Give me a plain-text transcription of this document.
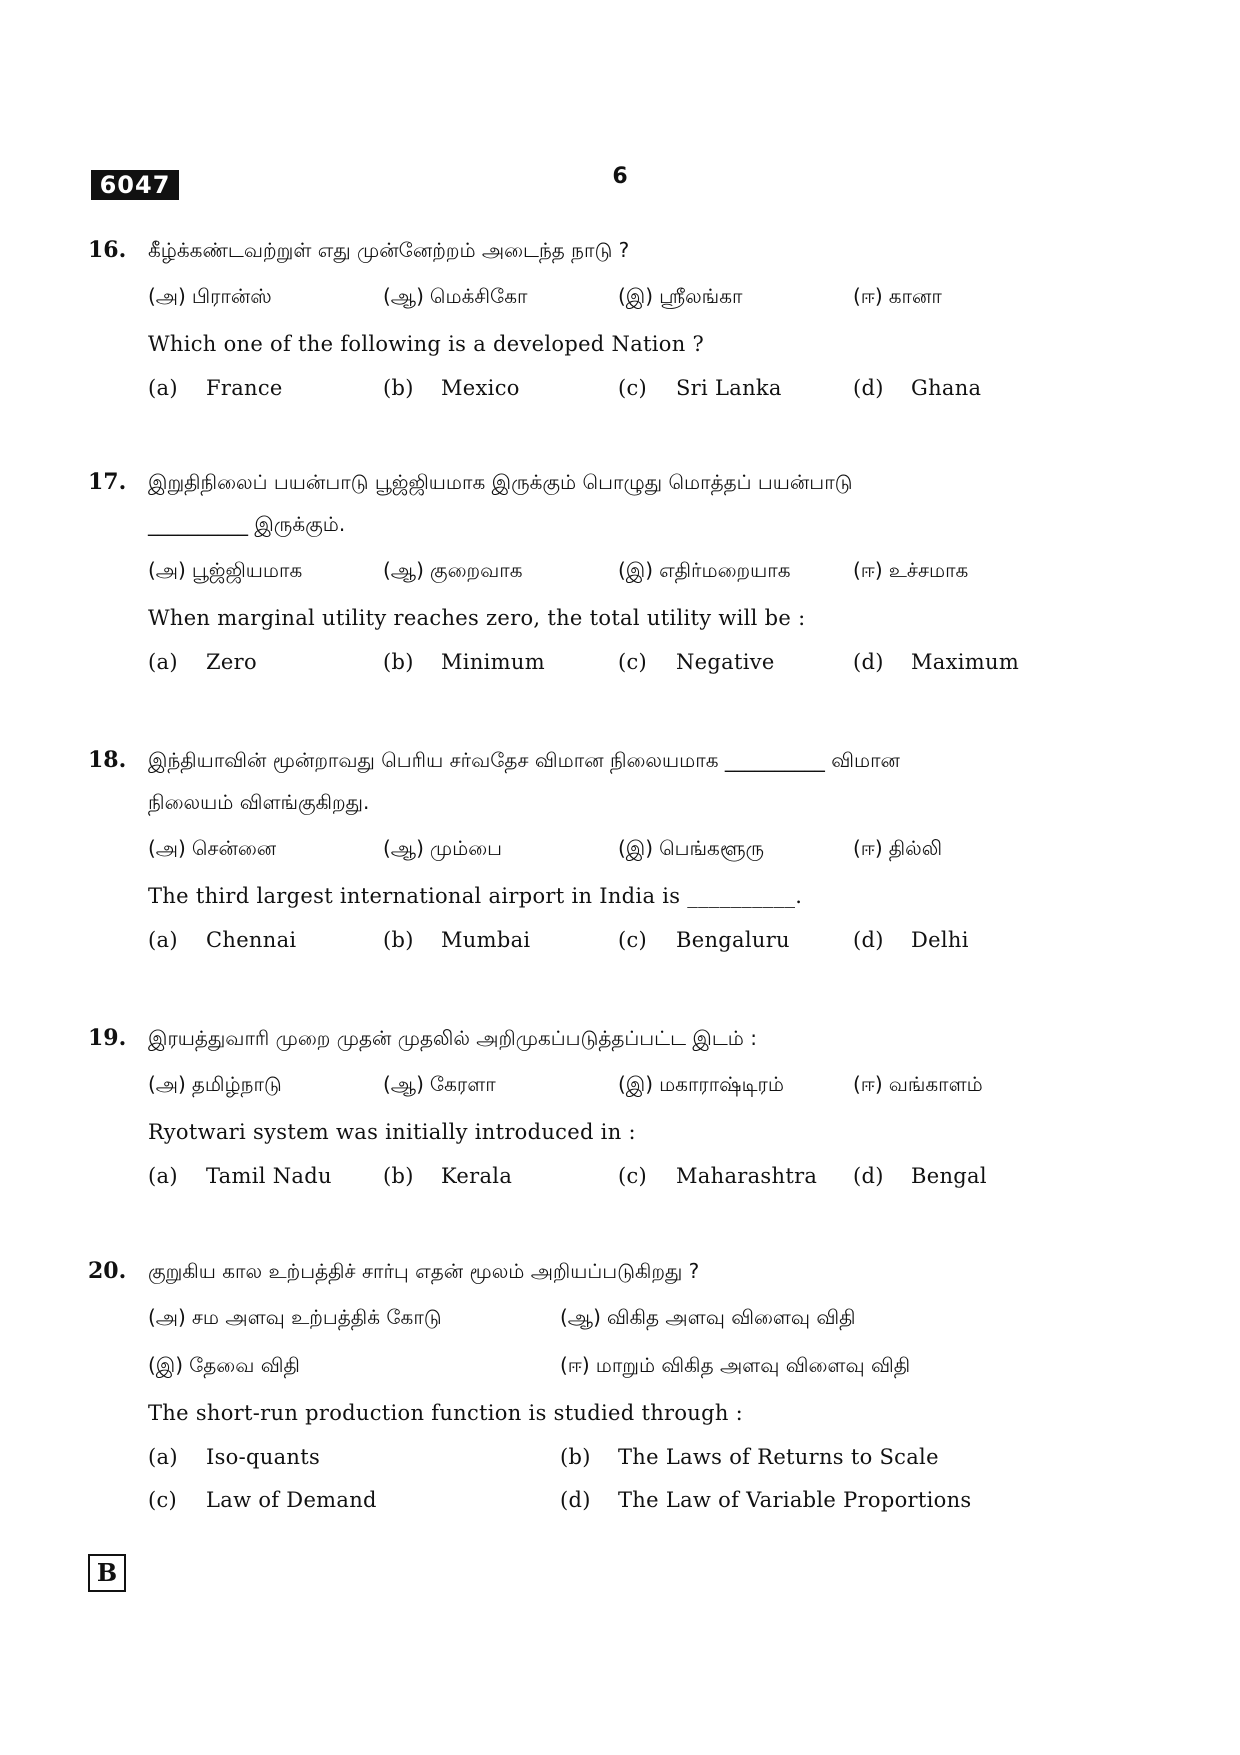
6047	6
16. கீழ்க்கண்டவற்றுள் எது முன்னேற்றம் அடைந்த நாடு ?
(அ) பிரான்ஸ்	(ஆ) மெக்சிகோ	(இ) ஸ்ரீலங்கா	(ஈ) கானா
Which one of the following is a developed Nation ?
(a) France	(b) Mexico	(c) Sri Lanka	(d) Ghana
17. இறுதிநிலைப் பயன்பாடு பூஜ்ஜியமாக இருக்கும் பொழுது மொத்தப் பயன்பாடு
__________ இருக்கும்.
(அ) பூஜ்ஜியமாக	(ஆ) குறைவாக	(இ) எதிர்மறையாக	(ஈ) உச்சமாக
When marginal utility reaches zero, the total utility will be :
(a) Zero	(b) Minimum	(c) Negative	(d) Maximum
18. இந்தியாவின் மூன்றாவது பெரிய சர்வதேச விமான நிலையமாக __________ விமான
நிலையம் விளங்குகிறது.
(அ) சென்னை	(ஆ) மும்பை	(இ) பெங்களூரு	(ஈ) தில்லி
The third largest international airport in India is __________.
(a) Chennai	(b) Mumbai	(c) Bengaluru	(d) Delhi
19. இரயத்துவாரி முறை முதன் முதலில் அறிமுகப்படுத்தப்பட்ட இடம் :
(அ) தமிழ்நாடு	(ஆ) கேரளா	(இ) மகாராஷ்டிரம்	(ஈ) வங்காளம்
Ryotwari system was initially introduced in :
(a) Tamil Nadu (b) Kerala	(c) Maharashtra (d) Bengal
20. குறுகிய கால உற்பத்திச் சார்பு எதன் மூலம் அறியப்படுகிறது ?
(அ) சம அளவு உற்பத்திக் கோடு	(ஆ) விகித அளவு விளைவு விதி
(இ) தேவை விதி	(ஈ) மாறும் விகித அளவு விளைவு விதி
The short-run production function is studied through :
(a) Iso-quants	(b) The Laws of Returns to Scale
(c) Law of Demand	(d) The Law of Variable Proportions
B
